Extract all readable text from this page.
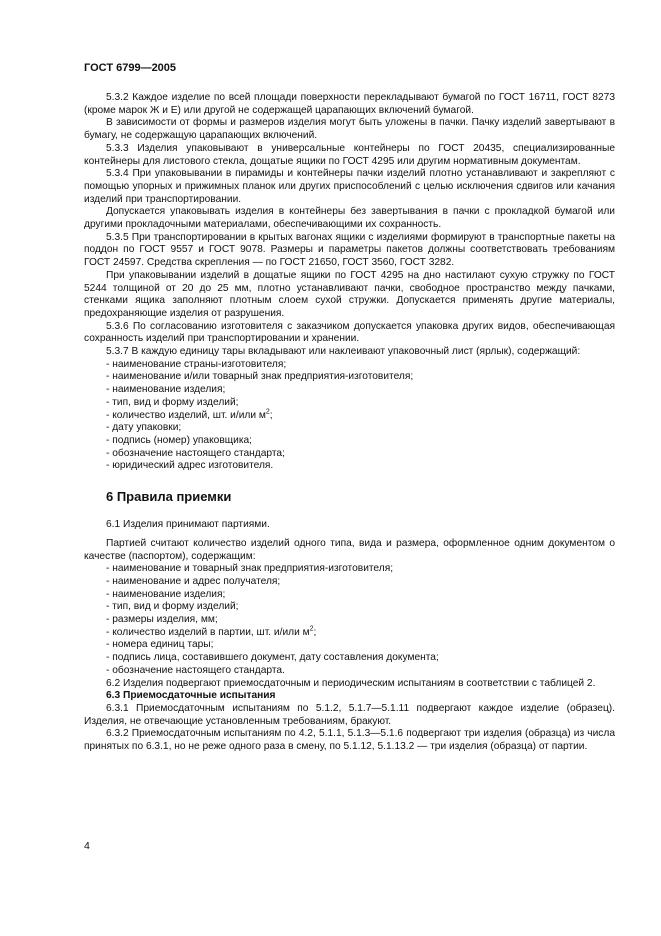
ГОСТ 6799—2005

5.3.2 Каждое изделие по всей площади поверхности перекладывают бумагой по ГОСТ 16711, ГОСТ 8273 (кроме марок Ж и Е) или другой не содержащей царапающих включений бумагой.

В зависимости от формы и размеров изделия могут быть уложены в пачки. Пачку изделий завертывают в бумагу, не содержащую царапающих включений.

5.3.3 Изделия упаковывают в универсальные контейнеры по ГОСТ 20435, специализированные контейнеры для листового стекла, дощатые ящики по ГОСТ 4295 или другим нормативным документам.

5.3.4 При упаковывании в пирамиды и контейнеры пачки изделий плотно устанавливают и закрепляют с помощью упорных и прижимных планок или других приспособлений с целью исключения сдвигов или качания изделий при транспортировании.

Допускается упаковывать изделия в контейнеры без завертывания в пачки с прокладкой бумагой или другими прокладочными материалами, обеспечивающими их сохранность.

5.3.5 При транспортировании в крытых вагонах ящики с изделиями формируют в транспортные пакеты на поддон по ГОСТ 9557 и ГОСТ 9078. Размеры и параметры пакетов должны соответствовать требованиям ГОСТ 24597. Средства скрепления — по ГОСТ 21650, ГОСТ 3560, ГОСТ 3282.

При упаковывании изделий в дощатые ящики по ГОСТ 4295 на дно настилают сухую стружку по ГОСТ 5244 толщиной от 20 до 25 мм, плотно устанавливают пачки, свободное пространство между пачками, стенками ящика заполняют плотным слоем сухой стружки. Допускается применять другие материалы, предохраняющие изделия от разрушения.

5.3.6 По согласованию изготовителя с заказчиком допускается упаковка других видов, обеспечивающая сохранность изделий при транспортировании и хранении.

5.3.7 В каждую единицу тары вкладывают или наклеивают упаковочный лист (ярлык), содержащий:

- наименование страны-изготовителя;
- наименование и/или товарный знак предприятия-изготовителя;
- наименование изделия;
- тип, вид и форму изделий;
- количество изделий, шт. и/или $м^2$;
- дату упаковки;
- подпись (номер) упаковщика;
- обозначение настоящего стандарта;
- юридический адрес изготовителя.
6 Правила приемки

6.1 Изделия принимают партиями.

Партией считают количество изделий одного типа, вида и размера, оформленное одним документом о качестве (паспортом), содержащим:

- наименование и товарный знак предприятия-изготовителя;
- наименование и адрес получателя;
- наименование изделия;
- тип, вид и форму изделий;
- размеры изделия, мм;
- количество изделий в партии, шт. и/или $м^2$;
- номера единиц тары;
- подпись лица, составившего документ, дату составления документа;
- обозначение настоящего стандарта.

6.2 Изделия подвергают приемосдаточным и периодическим испытаниям в соответствии с таблицей 2.

6.3 Приемосдаточные испытания

6.3.1 Приемосдаточным испытаниям по 5.1.2, 5.1.7—5.1.11 подвергают каждое изделие (образец). Изделия, не отвечающие установленным требованиям, бракуют.

6.3.2 Приемосдаточным испытаниям по 4.2, 5.1.1, 5.1.3—5.1.6 подвергают три изделия (образца) из числа принятых по 6.3.1, но не реже одного раза в смену, по 5.1.12, 5.1.13.2 — три изделия (образца) от партии.

4
